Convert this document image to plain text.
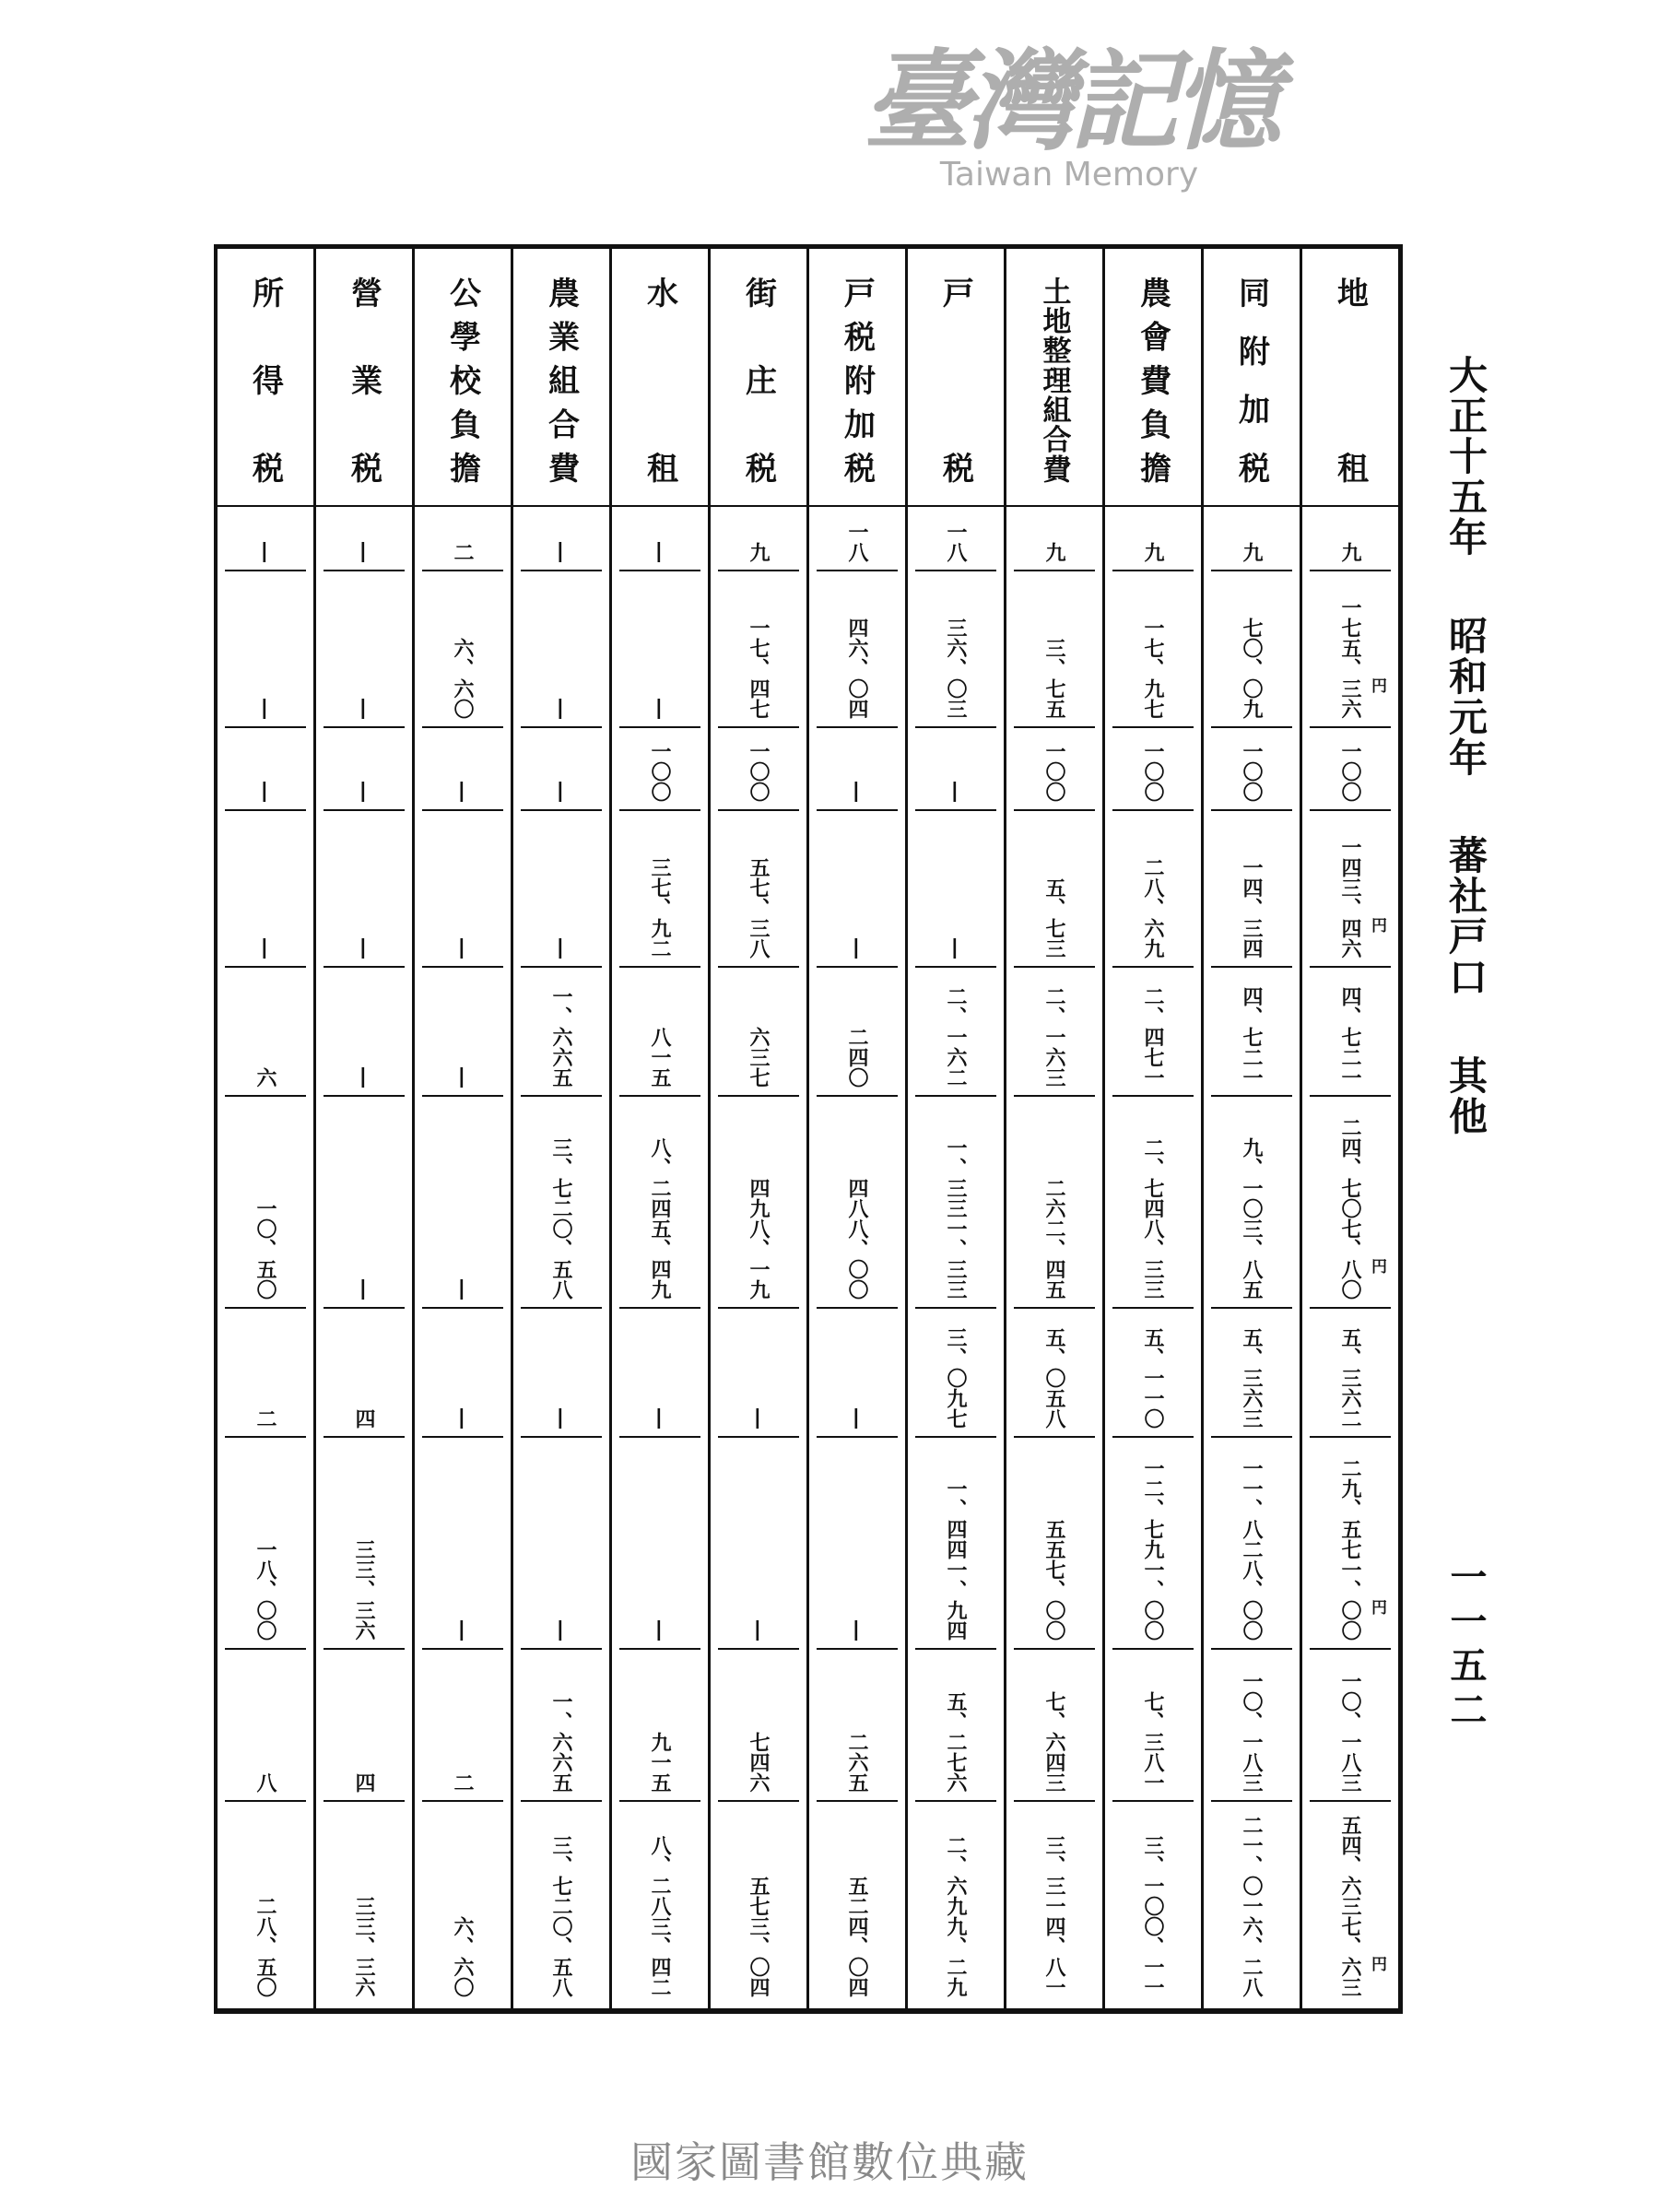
地租
九
一七五、三六 円
一〇〇
一四三、四六 円
四、七二一
二四、七〇七、八〇 円
五、三六二
二九、五七一、〇〇 円
一〇、一八三
五四、六三七、六三 円
同附加税
九
七〇、〇九
一〇〇
一四、三四
四、七二一
九、一〇三、八五
五、三六三
一一、八二八、〇〇
一〇、一八三
二一、〇一六、二八
農會費負擔
九
一七、九七
一〇〇
二八、六九
二、四七一
二、七四八、三三
五、一一〇
一二、七九一、〇〇
七、三八一
三、一〇〇、一一
土地整理組合費
九
三、七五
一〇〇
五、七三
二、一六三
二六二、四五
五、〇五八
五五七、〇〇
七、六四三
三、三一四、八一
戸税
一八
三六、〇三
―
―
二、一六二
一、三三一、三三
三、〇九七
一、四四一、九四
五、二七六
二、六九九、二九
戸税附加税
一八
四六、〇四
―
―
二四〇
四八八、〇〇
―
―
二六五
五二四、〇四
街庄税
九
一七、四七
一〇〇
五七、三八
六三七
四九八、一九
―
―
七四六
五七三、〇四
水租
―
―
一〇〇
三七、九二
八一五
八、二四五、四九
―
―
九一五
八、二八三、四二
農業組合費
―
―
―
―
一、六六五
三、七二〇、五八
―
―
一、六六五
三、七二〇、五八
公學校負擔
二
六、六〇
―
―
―
―
―
―
二
六、六〇
營業税
―
―
―
―
―
―
四
三三、三六
四
三三、三六
所得税
―
―
―
―
六
一〇、五〇
二
一八、〇〇
八
二八、五〇
大正十五年 昭和元年 蕃社戸口 其他
一一五二
臺灣記憶
Taiwan Memory
國家圖書館數位典藏
